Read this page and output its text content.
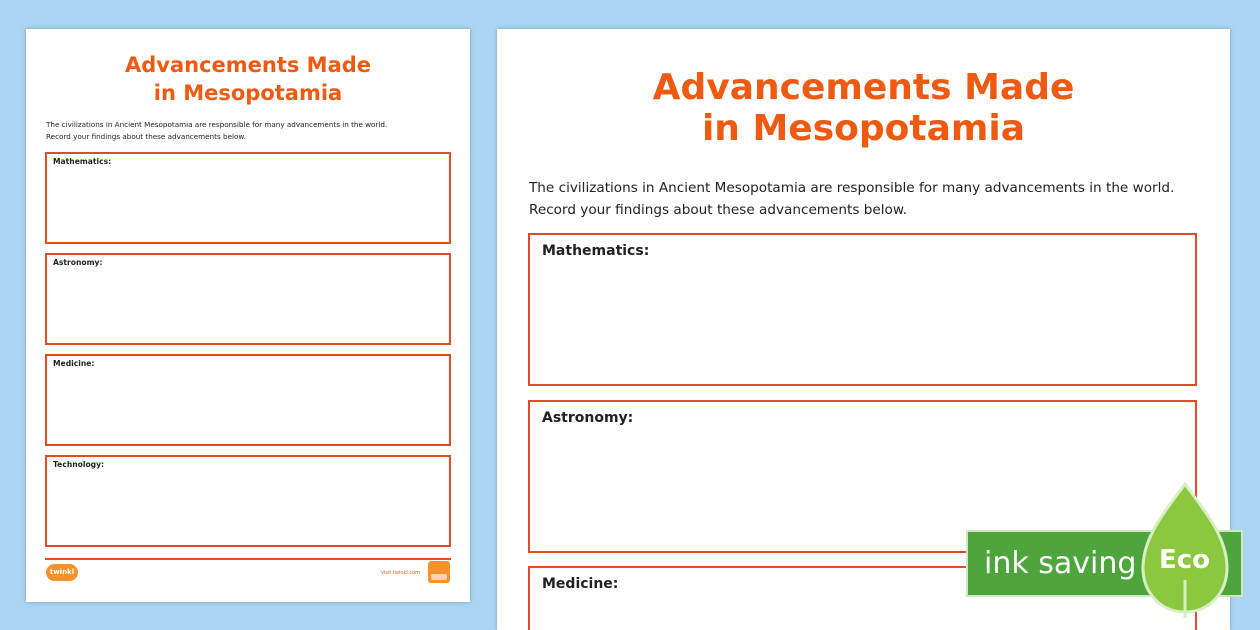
Advancements Made
in Mesopotamia

The civilizations in Ancient Mesopotamia are responsible for many advancements in the world.
Record your findings about these advancements below.

Mathematics:
Astronomy:
Medicine:
Technology:
twinkl	visit twinkl.com
Advancements Made
in Mesopotamia

The civilizations in Ancient Mesopotamia are responsible for many advancements in the world.
Record your findings about these advancements below.

Mathematics:
Astronomy:
Medicine:
ink saving Eco
